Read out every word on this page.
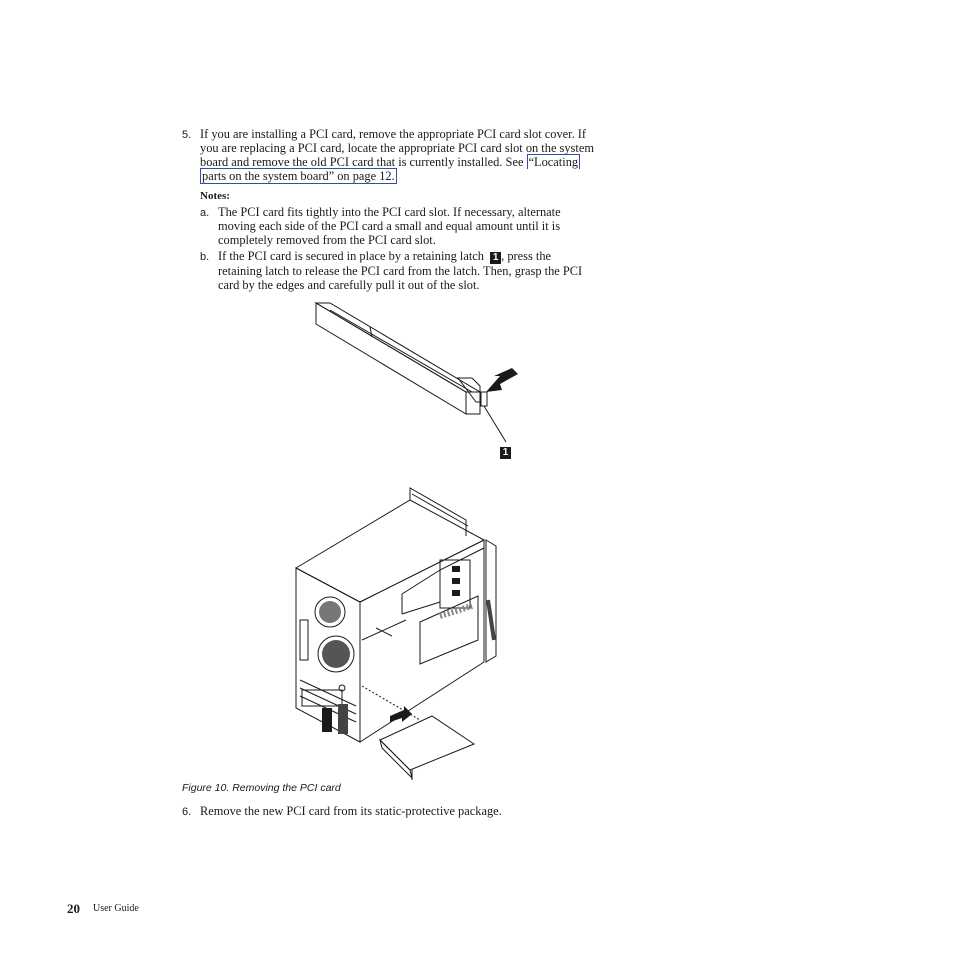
5. If you are installing a PCI card, remove the appropriate PCI card slot cover. If
you are replacing a PCI card, locate the appropriate PCI card slot on the system
board and remove the old PCI card that is currently installed. See “Locating
parts on the system board” on page 12.
Notes:
a. The PCI card fits tightly into the PCI card slot. If necessary, alternate
moving each side of the PCI card a small and equal amount until it is
completely removed from the PCI card slot.
b. If the PCI card is secured in place by a retaining latch 1 , press the
retaining latch to release the PCI card from the latch. Then, grasp the PCI
card by the edges and carefully pull it out of the slot.
1
Figure 10. Removing the PCI card
6. Remove the new PCI card from its static-protective package.
20 User Guide
